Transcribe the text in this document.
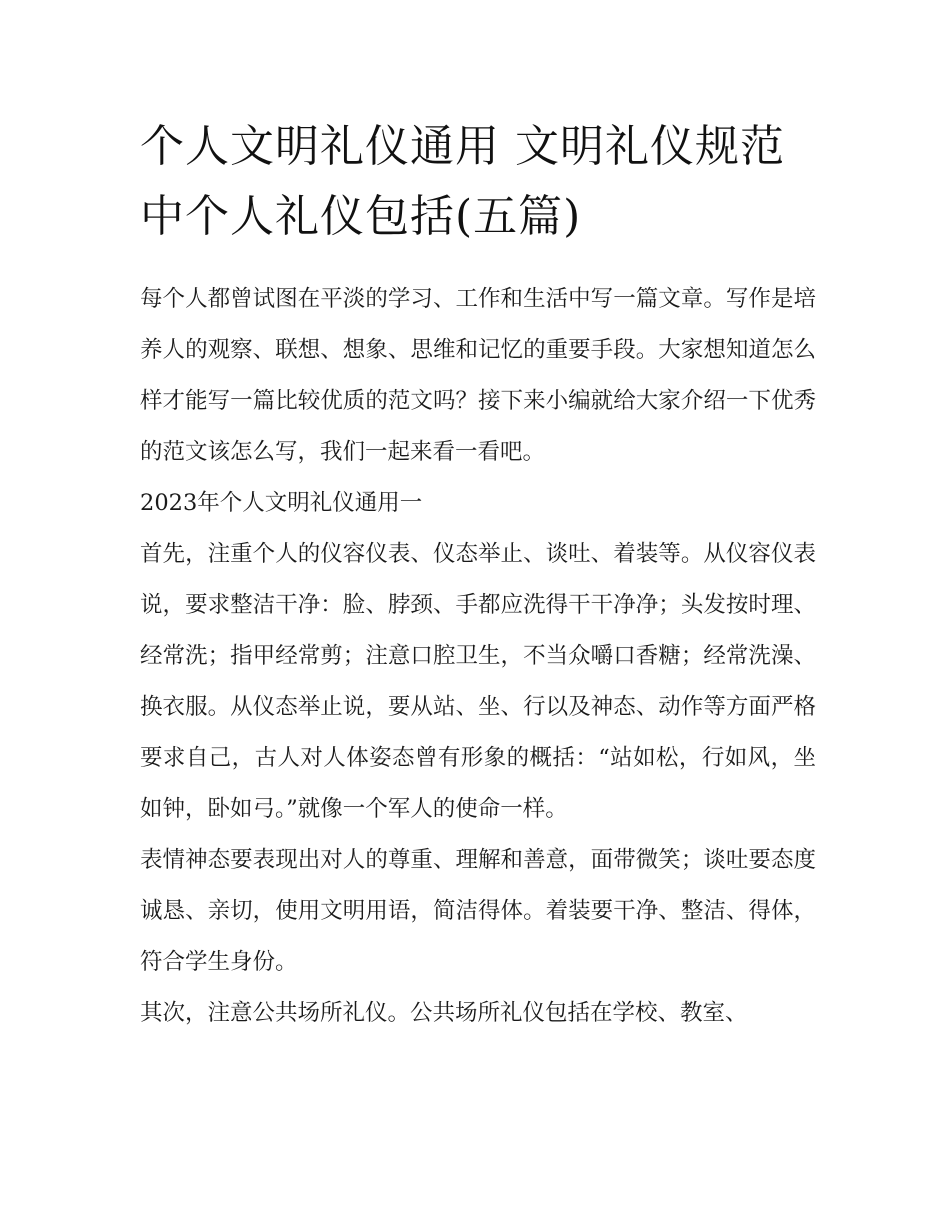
个人文明礼仪通用 文明礼仪规范中个人礼仪包括(五篇)

每个人都曾试图在平淡的学习、工作和生活中写一篇文章。写作是培养人的观察、联想、想象、思维和记忆的重要手段。大家想知道怎么样才能写一篇比较优质的范文吗？接下来小编就给大家介绍一下优秀的范文该怎么写，我们一起来看一看吧。

2023年个人文明礼仪通用一

首先，注重个人的仪容仪表、仪态举止、谈吐、着装等。从仪容仪表说，要求整洁干净：脸、脖颈、手都应洗得干干净净；头发按时理、经常洗；指甲经常剪；注意口腔卫生，不当众嚼口香糖；经常洗澡、换衣服。从仪态举止说，要从站、坐、行以及神态、动作等方面严格要求自己，古人对人体姿态曾有形象的概括：“站如松，行如风，坐如钟，卧如弓。”就像一个军人的使命一样。

表情神态要表现出对人的尊重、理解和善意，面带微笑；谈吐要态度诚恳、亲切，使用文明用语，简洁得体。着装要干净、整洁、得体，符合学生身份。

其次，注意公共场所礼仪。公共场所礼仪包括在学校、教室、
